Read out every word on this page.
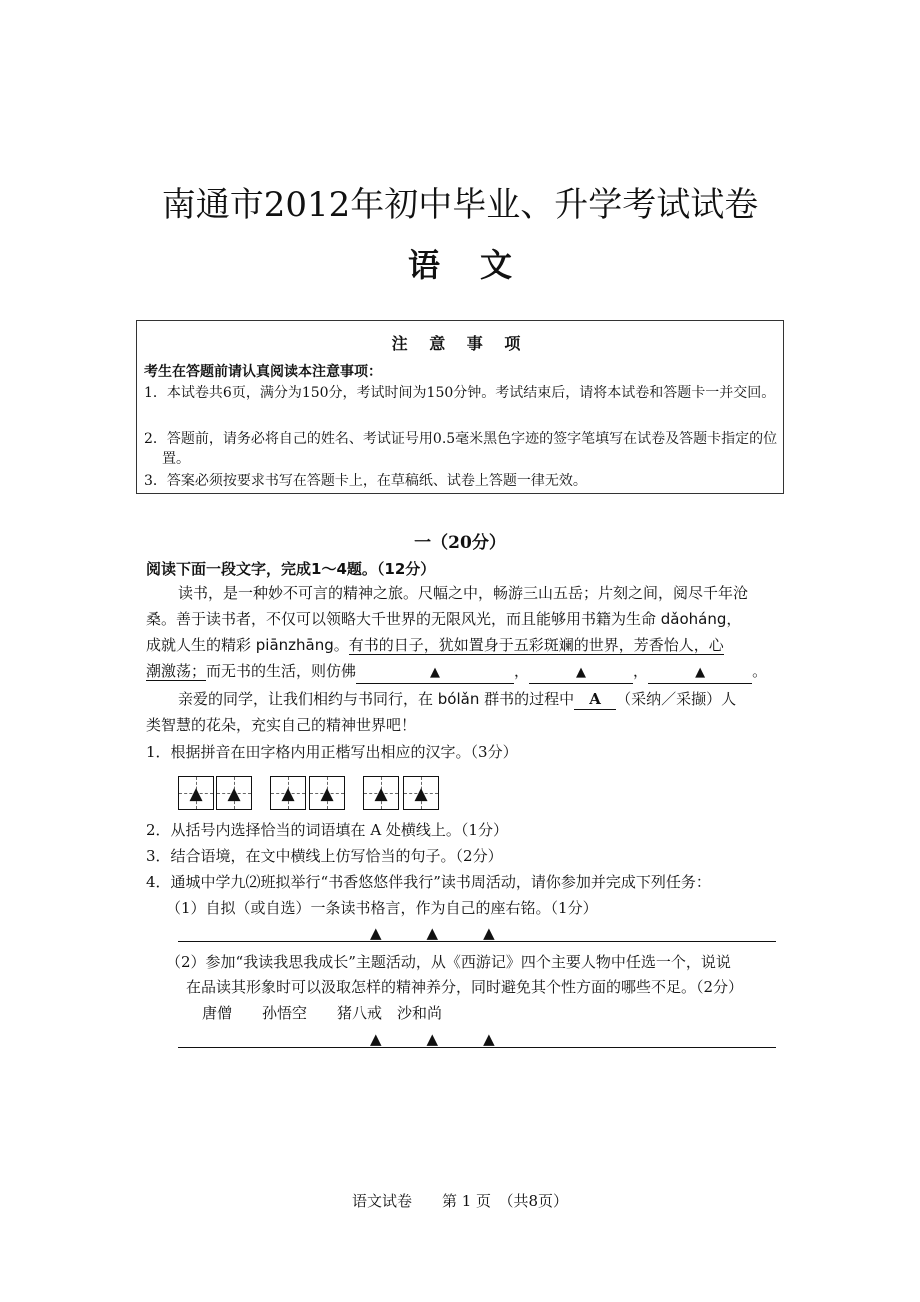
南通市2012年初中毕业、升学考试试卷
语文
注 意 事 项
考生在答题前请认真阅读本注意事项：
1．本试卷共6页，满分为150分，考试时间为150分钟。考试结束后，请将本试卷和答题卡一并交回。
2．答题前，请务必将自己的姓名、考试证号用0.5毫米黑色字迹的签字笔填写在试卷及答题卡指定的位置。
3．答案必须按要求书写在答题卡上，在草稿纸、试卷上答题一律无效。
一（20分）
阅读下面一段文字，完成1～4题。（12分）
读书，是一种妙不可言的精神之旅。尺幅之中，畅游三山五岳；片刻之间，阅尽千年沧
桑。善于读书者，不仅可以领略大千世界的无限风光，而且能够用书籍为生命 dǎoháng，
成就人生的精彩 piānzhāng。有书的日子，犹如置身于五彩斑斓的世界，芳香怡人，心
潮激荡；而无书的生活，则仿佛	▲	，	▲	，	▲	。
亲爱的同学，让我们相约与书同行，在 bólǎn 群书的过程中 A （采纳／采撷）人
类智慧的花朵，充实自己的精神世界吧！
1．根据拼音在田字格内用正楷写出相应的汉字。（3分）
▲	▲	▲	▲	▲	▲
2．从括号内选择恰当的词语填在 A 处横线上。（1分）
3．结合语境，在文中横线上仿写恰当的句子。（2分）
4．通城中学九⑵班拟举行“书香悠悠伴我行”读书周活动，请你参加并完成下列任务：
（1）自拟（或自选）一条读书格言，作为自己的座右铭。（1分）
▲　　　▲　　　▲
（2）参加“我读我思我成长”主题活动，从《西游记》四个主要人物中任选一个，说说
在品读其形象时可以汲取怎样的精神养分，同时避免其个性方面的哪些不足。（2分）
唐僧　　孙悟空　　猪八戒　沙和尚
▲　　　▲　　　▲
语文试卷　　第 1 页　（共8页）
